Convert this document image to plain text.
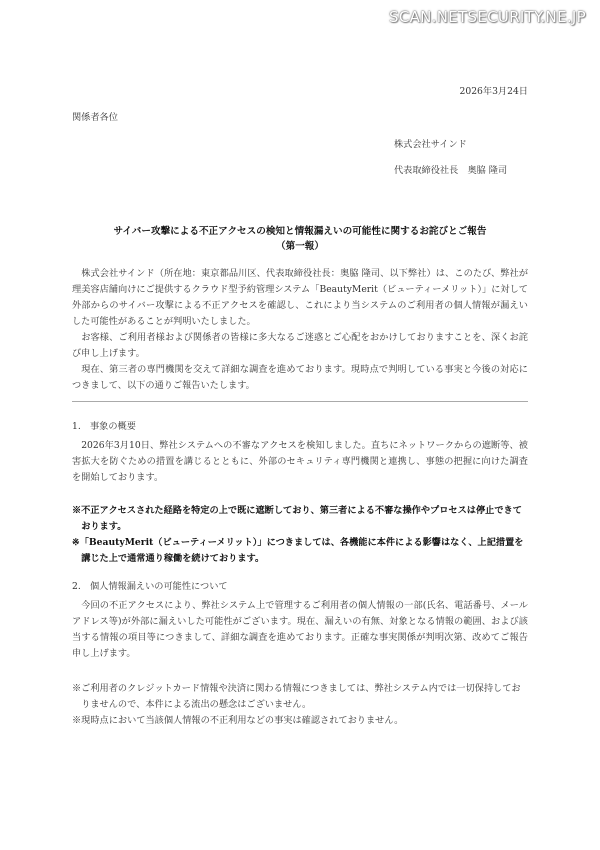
SCAN.NETSECURITY.NE.JP
2026年3月24日
関係者各位
株式会社サインド
代表取締役社長　奥脇 隆司
サイバー攻撃による不正アクセスの検知と情報漏えいの可能性に関するお詫びとご報告
（第一報）

株式会社サインド（所在地：東京都品川区、代表取締役社長：奥脇 隆司、以下弊社）は、このたび、弊社が理美容店舗向けにご提供するクラウド型予約管理システム「BeautyMerit（ビューティーメリット）」に対して外部からのサイバー攻撃による不正アクセスを確認し、これにより当システムのご利用者の個人情報が漏えいした可能性があることが判明いたしました。

お客様、ご利用者様および関係者の皆様に多大なるご迷惑とご心配をおかけしておりますことを、深くお詫び申し上げます。

現在、第三者の専門機関を交えて詳細な調査を進めております。現時点で判明している事実と今後の対応につきまして、以下の通りご報告いたします。

1.　事象の概要

2026年3月10日、弊社システムへの不審なアクセスを検知しました。直ちにネットワークからの遮断等、被害拡大を防ぐための措置を講じるとともに、外部のセキュリティ専門機関と連携し、事態の把握に向けた調査を開始しております。

※不正アクセスされた経路を特定の上で既に遮断しており、第三者による不審な操作やプロセスは停止できております。

※「BeautyMerit（ビューティーメリット）」につきましては、各機能に本件による影響はなく、上記措置を講じた上で通常通り稼働を続けております。

2.　個人情報漏えいの可能性について

今回の不正アクセスにより、弊社システム上で管理するご利用者の個人情報の一部(氏名、電話番号、メールアドレス等)が外部に漏えいした可能性がございます。現在、漏えいの有無、対象となる情報の範囲、および該当する情報の項目等につきまして、詳細な調査を進めております。正確な事実関係が判明次第、改めてご報告申し上げます。

※ご利用者のクレジットカード情報や決済に関わる情報につきましては、弊社システム内では一切保持しておりませんので、本件による流出の懸念はございません。

※現時点において当該個人情報の不正利用などの事実は確認されておりません。
